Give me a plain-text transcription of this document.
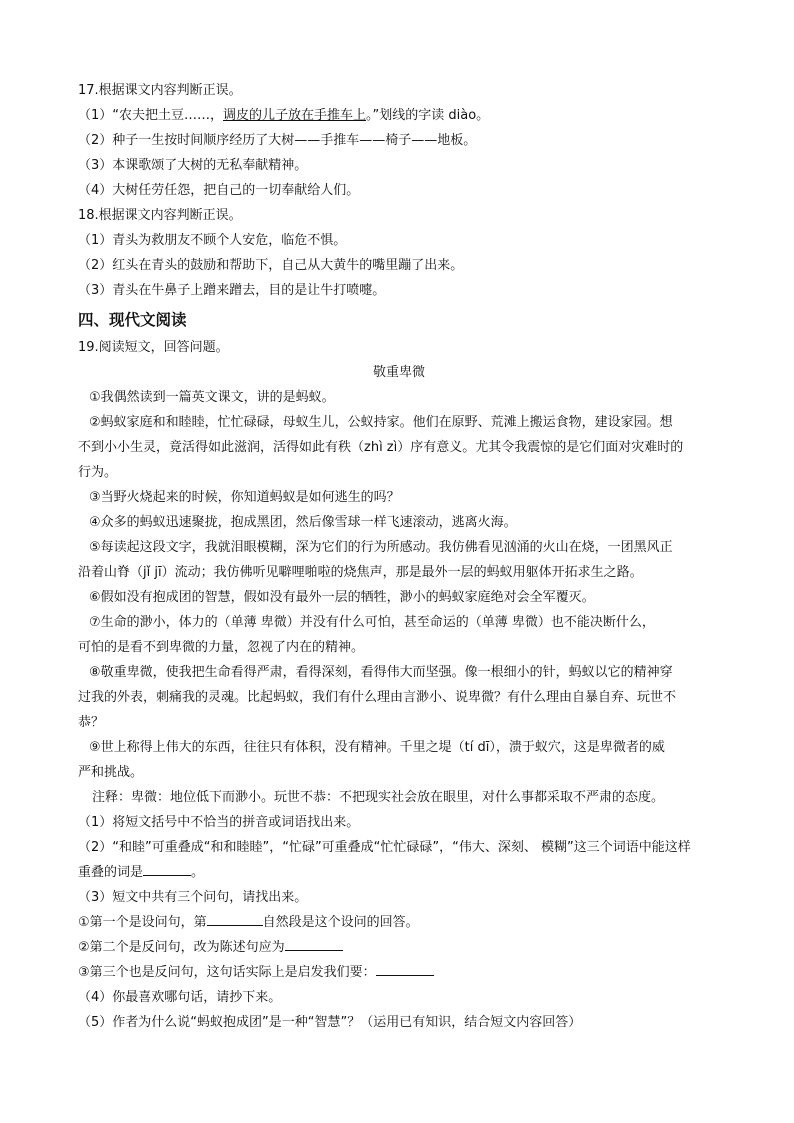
17.根据课文内容判断正误。
（1）“农夫把土豆……，调皮的儿子放在手推车上。”划线的字读 diào。
（2）种子一生按时间顺序经历了大树——手推车——椅子——地板。
（3）本课歌颂了大树的无私奉献精神。
（4）大树任劳任怨，把自己的一切奉献给人们。
18.根据课文内容判断正误。
（1）青头为救朋友不顾个人安危，临危不惧。
（2）红头在青头的鼓励和帮助下，自己从大黄牛的嘴里蹦了出来。
（3）青头在牛鼻子上蹭来蹭去，目的是让牛打喷嚏。
四、现代文阅读
19.阅读短文，回答问题。
敬重卑微
①我偶然读到一篇英文课文，讲的是蚂蚁。
②蚂蚁家庭和和睦睦，忙忙碌碌，母蚁生儿，公蚁持家。他们在原野、荒滩上搬运食物，建设家园。想
不到小小生灵，竟活得如此滋润，活得如此有秩（zhì zì）序有意义。尤其令我震惊的是它们面对灾难时的
行为。
③当野火烧起来的时候，你知道蚂蚁是如何逃生的吗？
④众多的蚂蚁迅速聚拢，抱成黑团，然后像雪球一样飞速滚动，逃离火海。
⑤每读起这段文字，我就泪眼模糊，深为它们的行为所感动。我仿佛看见汹涌的火山在烧，一团黑风正
沿着山脊（jǐ jī）流动；我仿佛听见噼哩啪啦的烧焦声，那是最外一层的蚂蚁用躯体开拓求生之路。
⑥假如没有抱成团的智慧，假如没有最外一层的牺牲，渺小的蚂蚁家庭绝对会全军覆灭。
⑦生命的渺小，体力的（单薄 卑微）并没有什么可怕，甚至命运的（单薄 卑微）也不能决断什么，
可怕的是看不到卑微的力量，忽视了内在的精神。
⑧敬重卑微，使我把生命看得严肃，看得深刻，看得伟大而坚强。像一根细小的针，蚂蚁以它的精神穿
过我的外表，刺痛我的灵魂。比起蚂蚁，我们有什么理由言渺小、说卑微？有什么理由自暴自弃、玩世不
恭？
⑨世上称得上伟大的东西，往往只有体积，没有精神。千里之堤（tí dī），溃于蚁穴，这是卑微者的威
严和挑战。
注释：卑微：地位低下而渺小。玩世不恭：不把现实社会放在眼里，对什么事都采取不严肃的态度。
（1）将短文括号中不恰当的拼音或词语找出来。
（2）“和睦”可重叠成“和和睦睦”，“忙碌”可重叠成“忙忙碌碌”，“伟大、深刻、 模糊”这三个词语中能这样
重叠的词是	。
（3）短文中共有三个问句，请找出来。
①第一个是设问句，第	自然段是这个设问的回答。
②第二个是反问句，改为陈述句应为
③第三个也是反问句，这句话实际上是启发我们要：
（4）你最喜欢哪句话，请抄下来。
（5）作者为什么说“蚂蚁抱成团”是一种“智慧”？（运用已有知识，结合短文内容回答）
